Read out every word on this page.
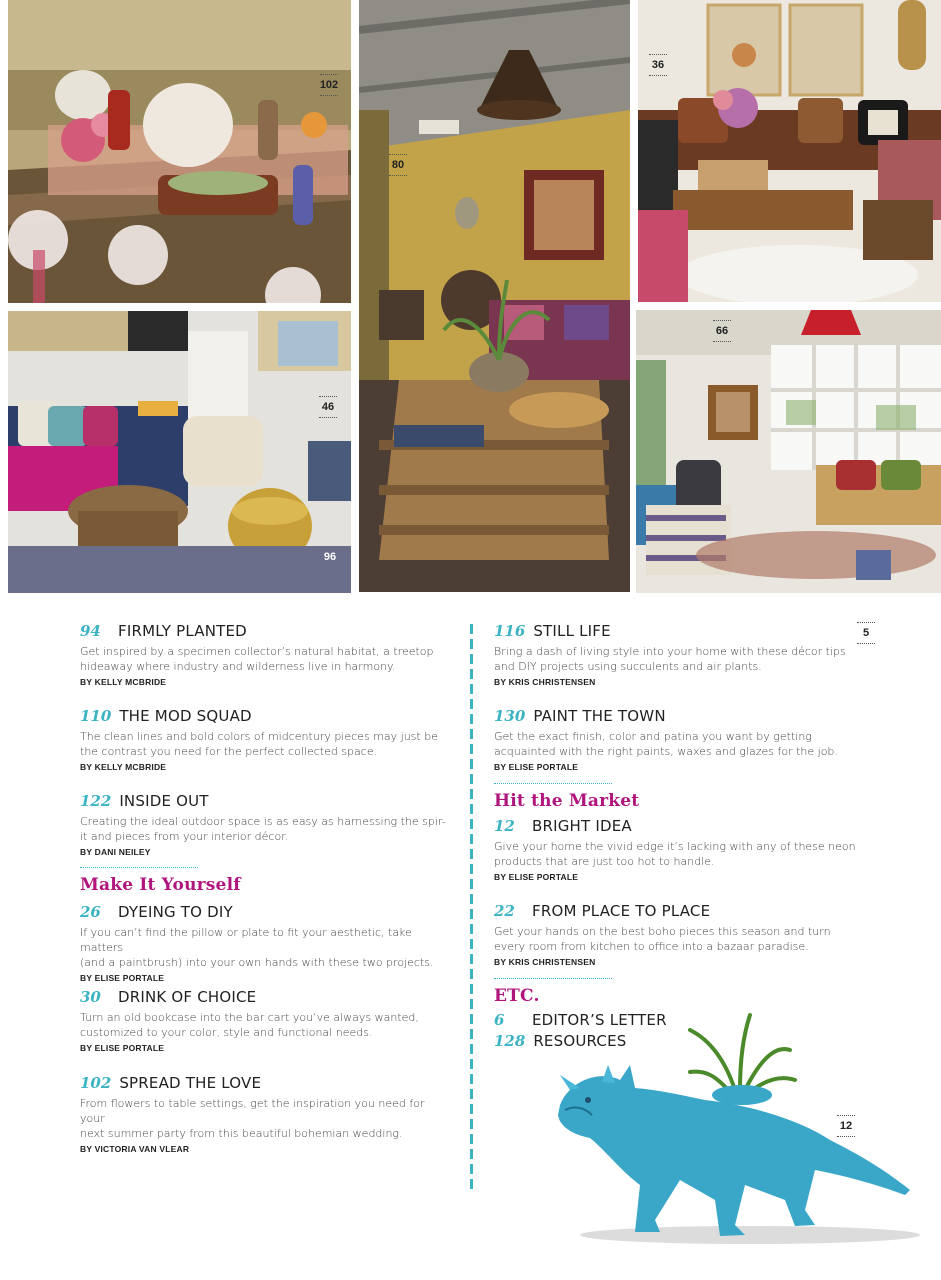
102
80
36
46
96
66
5
94	FIRMLY PLANTED
Get inspired by a specimen collector’s natural habitat, a treetop
hideaway where industry and wilderness live in harmony.
BY KELLY MCBRIDE
110 THE MOD SQUAD
The clean lines and bold colors of midcentury pieces may just be
the contrast you need for the perfect collected space.
BY KELLY MCBRIDE
122 INSIDE OUT
Creating the ideal outdoor space is as easy as harnessing the spir-
it and pieces from your interior décor.
BY DANI NEILEY
Make It Yourself
26	DYEING TO DIY
If you can’t find the pillow or plate to fit your aesthetic, take matters
(and a paintbrush) into your own hands with these two projects.
BY ELISE PORTALE
30	DRINK OF CHOICE
Turn an old bookcase into the bar cart you’ve always wanted,
customized to your color, style and functional needs.
BY ELISE PORTALE
102 SPREAD THE LOVE
From flowers to table settings, get the inspiration you need for your
next summer party from this beautiful bohemian wedding.
BY VICTORIA VAN VLEAR
116 STILL LIFE
Bring a dash of living style into your home with these décor tips
and DIY projects using succulents and air plants.
BY KRIS CHRISTENSEN
130 PAINT THE TOWN
Get the exact finish, color and patina you want by getting
acquainted with the right paints, waxes and glazes for the job.
BY ELISE PORTALE
Hit the Market
12	BRIGHT IDEA
Give your home the vivid edge it’s lacking with any of these neon
products that are just too hot to handle.
BY ELISE PORTALE
22	FROM PLACE TO PLACE
Get your hands on the best boho pieces this season and turn
every room from kitchen to office into a bazaar paradise.
BY KRIS CHRISTENSEN
ETC.
6	EDITOR’S LETTER
128 RESOURCES
12
